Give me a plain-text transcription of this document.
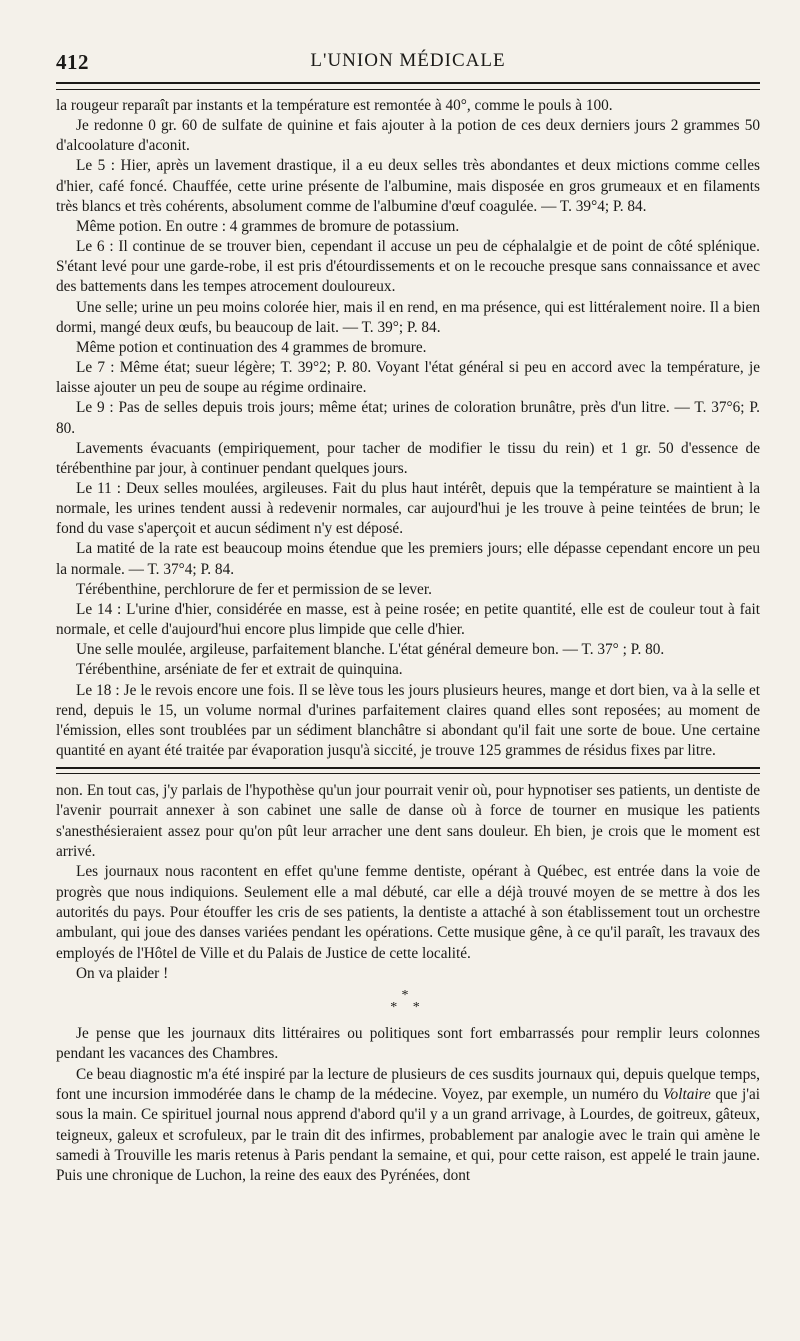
412	L'UNION MÉDICALE

la rougeur reparaît par instants et la température est remontée à 40°, comme le pouls à 100.

Je redonne 0 gr. 60 de sulfate de quinine et fais ajouter à la potion de ces deux derniers jours 2 grammes 50 d'alcoolature d'aconit.

Le 5 : Hier, après un lavement drastique, il a eu deux selles très abondantes et deux mictions comme celles d'hier, café foncé. Chauffée, cette urine présente de l'albumine, mais disposée en gros grumeaux et en filaments très blancs et très cohérents, absolument comme de l'albumine d'œuf coagulée. — T. 39°4; P. 84.

Même potion. En outre : 4 grammes de bromure de potassium.

Le 6 : Il continue de se trouver bien, cependant il accuse un peu de céphalalgie et de point de côté splénique. S'étant levé pour une garde-robe, il est pris d'étourdissements et on le recouche presque sans connaissance et avec des battements dans les tempes atrocement douloureux.

Une selle; urine un peu moins colorée hier, mais il en rend, en ma présence, qui est littéralement noire. Il a bien dormi, mangé deux œufs, bu beaucoup de lait. — T. 39°; P. 84.

Même potion et continuation des 4 grammes de bromure.

Le 7 : Même état; sueur légère; T. 39°2; P. 80. Voyant l'état général si peu en accord avec la température, je laisse ajouter un peu de soupe au régime ordinaire.

Le 9 : Pas de selles depuis trois jours; même état; urines de coloration brunâtre, près d'un litre. — T. 37°6; P. 80.

Lavements évacuants (empiriquement, pour tacher de modifier le tissu du rein) et 1 gr. 50 d'essence de térébenthine par jour, à continuer pendant quelques jours.

Le 11 : Deux selles moulées, argileuses. Fait du plus haut intérêt, depuis que la température se maintient à la normale, les urines tendent aussi à redevenir normales, car aujourd'hui je les trouve à peine teintées de brun; le fond du vase s'aperçoit et aucun sédiment n'y est déposé.

La matité de la rate est beaucoup moins étendue que les premiers jours; elle dépasse cependant encore un peu la normale. — T. 37°4; P. 84.

Térébenthine, perchlorure de fer et permission de se lever.

Le 14 : L'urine d'hier, considérée en masse, est à peine rosée; en petite quantité, elle est de couleur tout à fait normale, et celle d'aujourd'hui encore plus limpide que celle d'hier.

Une selle moulée, argileuse, parfaitement blanche. L'état général demeure bon. — T. 37° ; P. 80.

Térébenthine, arséniate de fer et extrait de quinquina.

Le 18 : Je le revois encore une fois. Il se lève tous les jours plusieurs heures, mange et dort bien, va à la selle et rend, depuis le 15, un volume normal d'urines parfaitement claires quand elles sont reposées; au moment de l'émission, elles sont troublées par un sédiment blanchâtre si abondant qu'il fait une sorte de boue. Une certaine quantité en ayant été traitée par évaporation jusqu'à siccité, je trouve 125 grammes de résidus fixes par litre.

non. En tout cas, j'y parlais de l'hypothèse qu'un jour pourrait venir où, pour hypnotiser ses patients, un dentiste de l'avenir pourrait annexer à son cabinet une salle de danse où à force de tourner en musique les patients s'anesthésieraient assez pour qu'on pût leur arracher une dent sans douleur. Eh bien, je crois que le moment est arrivé.

Les journaux nous racontent en effet qu'une femme dentiste, opérant à Québec, est entrée dans la voie de progrès que nous indiquions. Seulement elle a mal débuté, car elle a déjà trouvé moyen de se mettre à dos les autorités du pays. Pour étouffer les cris de ses patients, la dentiste a attaché à son établissement tout un orchestre ambulant, qui joue des danses variées pendant les opérations. Cette musique gêne, à ce qu'il paraît, les travaux des employés de l'Hôtel de Ville et du Palais de Justice de cette localité.

On va plaider !

*
* *

Je pense que les journaux dits littéraires ou politiques sont fort embarrassés pour remplir leurs colonnes pendant les vacances des Chambres.

Ce beau diagnostic m'a été inspiré par la lecture de plusieurs de ces susdits journaux qui, depuis quelque temps, font une incursion immodérée dans le champ de la médecine. Voyez, par exemple, un numéro du Voltaire que j'ai sous la main. Ce spirituel journal nous apprend d'abord qu'il y a un grand arrivage, à Lourdes, de goitreux, gâteux, teigneux, galeux et scrofuleux, par le train dit des infirmes, probablement par analogie avec le train qui amène le samedi à Trouville les maris retenus à Paris pendant la semaine, et qui, pour cette raison, est appelé le train jaune. Puis une chronique de Luchon, la reine des eaux des Pyrénées, dont
